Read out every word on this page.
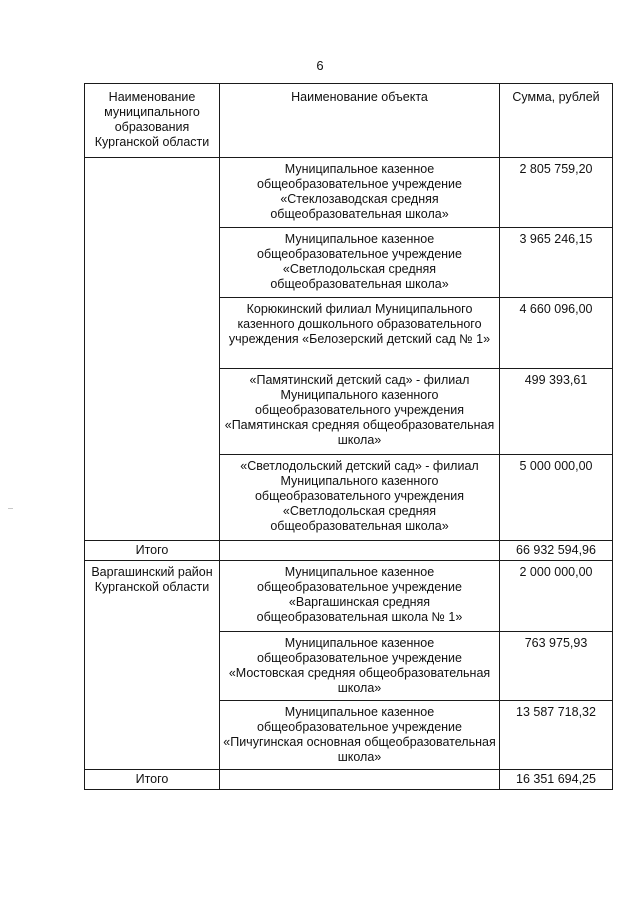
6
Наименование муниципального образования Курганской области	Наименование объекта	Сумма, рублей
	Муниципальное казенное общеобразовательное учреждение «Стеклозаводская средняя общеобразовательная школа»	2 805 759,20
	Муниципальное казенное общеобразовательное учреждение «Светлодольская средняя общеобразовательная школа»	3 965 246,15
	Корюкинский филиал Муниципального казенного дошкольного образовательного учреждения «Белозерский детский сад № 1»	4 660 096,00
	«Памятинский детский сад» - филиал Муниципального казенного общеобразовательного учреждения «Памятинская средняя общеобразовательная школа»	499 393,61
	«Светлодольский детский сад» - филиал Муниципального казенного общеобразовательного учреждения «Светлодольская средняя общеобразовательная школа»	5 000 000,00
Итого		66 932 594,96
Варгашинский район Курганской области	Муниципальное казенное общеобразовательное учреждение «Варгашинская средняя общеобразовательная школа № 1»	2 000 000,00
	Муниципальное казенное общеобразовательное учреждение «Мостовская средняя общеобразовательная школа»	763 975,93
	Муниципальное казенное общеобразовательное учреждение «Пичугинская основная общеобразовательная школа»	13 587 718,32
Итого		16 351 694,25
